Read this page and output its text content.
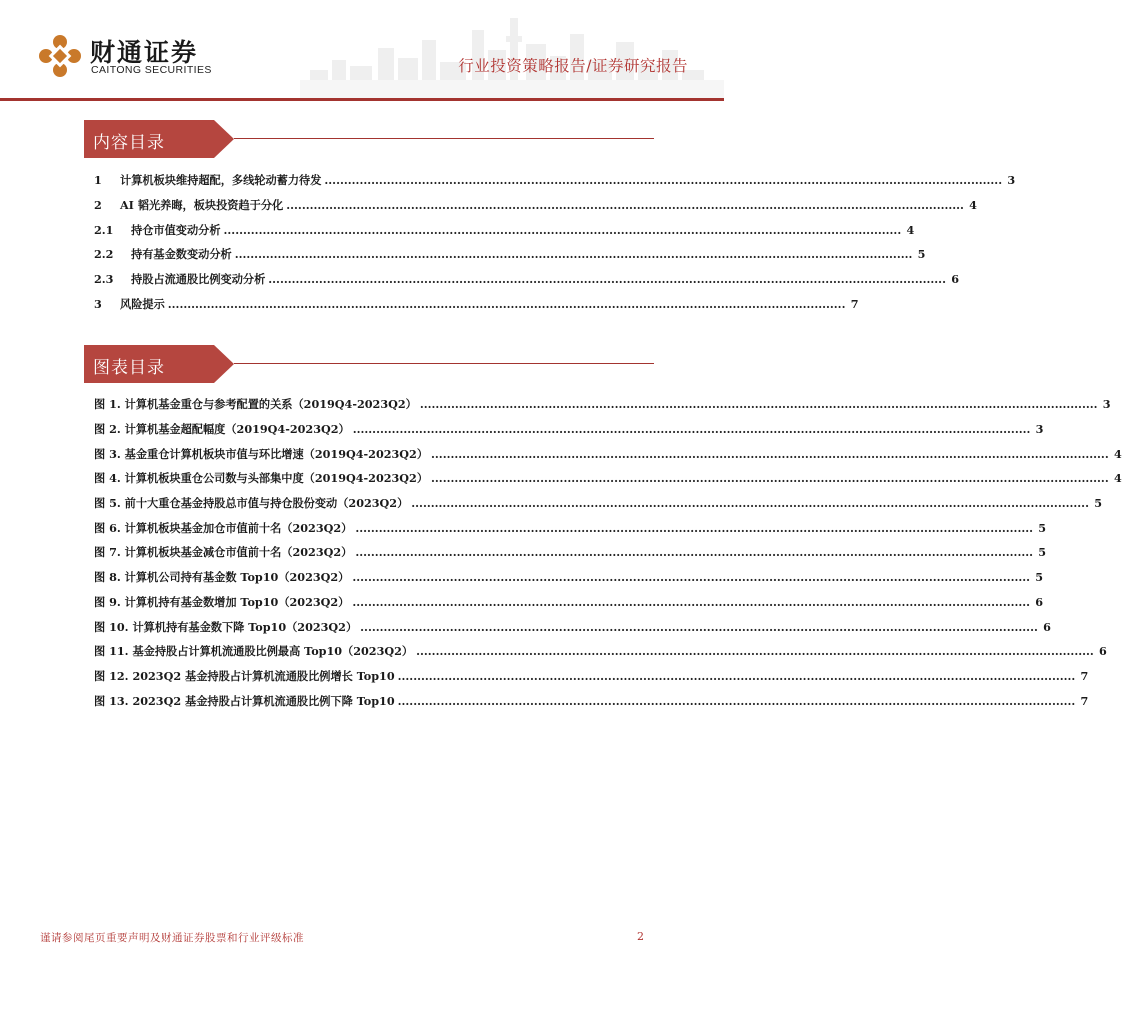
财通证券
CAITONG SECURITIES	行业投资策略报告/证券研究报告
内容目录
1	计算机板块维持超配，多线轮动蓄力待发 .............................................................................................................................................................................. 3
2	AI 韬光养晦，板块投资趋于分化 .............................................................................................................................................................................. 4
2.1	持仓市值变动分析 .............................................................................................................................................................................. 4
2.2	持有基金数变动分析 .............................................................................................................................................................................. 5
2.3	持股占流通股比例变动分析 .............................................................................................................................................................................. 6
3	风险提示 .............................................................................................................................................................................. 7
图表目录
图 1. 计算机基金重仓与参考配置的关系（2019Q4-2023Q2） .............................................................................................................................................................................. 3
图 2. 计算机基金超配幅度（2019Q4-2023Q2） .............................................................................................................................................................................. 3
图 3. 基金重仓计算机板块市值与环比增速（2019Q4-2023Q2） .............................................................................................................................................................................. 4
图 4. 计算机板块重仓公司数与头部集中度（2019Q4-2023Q2） .............................................................................................................................................................................. 4
图 5. 前十大重仓基金持股总市值与持仓股份变动（2023Q2） .............................................................................................................................................................................. 5
图 6. 计算机板块基金加仓市值前十名（2023Q2） .............................................................................................................................................................................. 5
图 7. 计算机板块基金减仓市值前十名（2023Q2） .............................................................................................................................................................................. 5
图 8. 计算机公司持有基金数 Top10（2023Q2） .............................................................................................................................................................................. 5
图 9. 计算机持有基金数增加 Top10（2023Q2） .............................................................................................................................................................................. 6
图 10. 计算机持有基金数下降 Top10（2023Q2） .............................................................................................................................................................................. 6
图 11. 基金持股占计算机流通股比例最高 Top10（2023Q2） .............................................................................................................................................................................. 6
图 12. 2023Q2 基金持股占计算机流通股比例增长 Top10 .............................................................................................................................................................................. 7
图 13. 2023Q2 基金持股占计算机流通股比例下降 Top10 .............................................................................................................................................................................. 7
谨请参阅尾页重要声明及财通证券股票和行业评级标准	2
